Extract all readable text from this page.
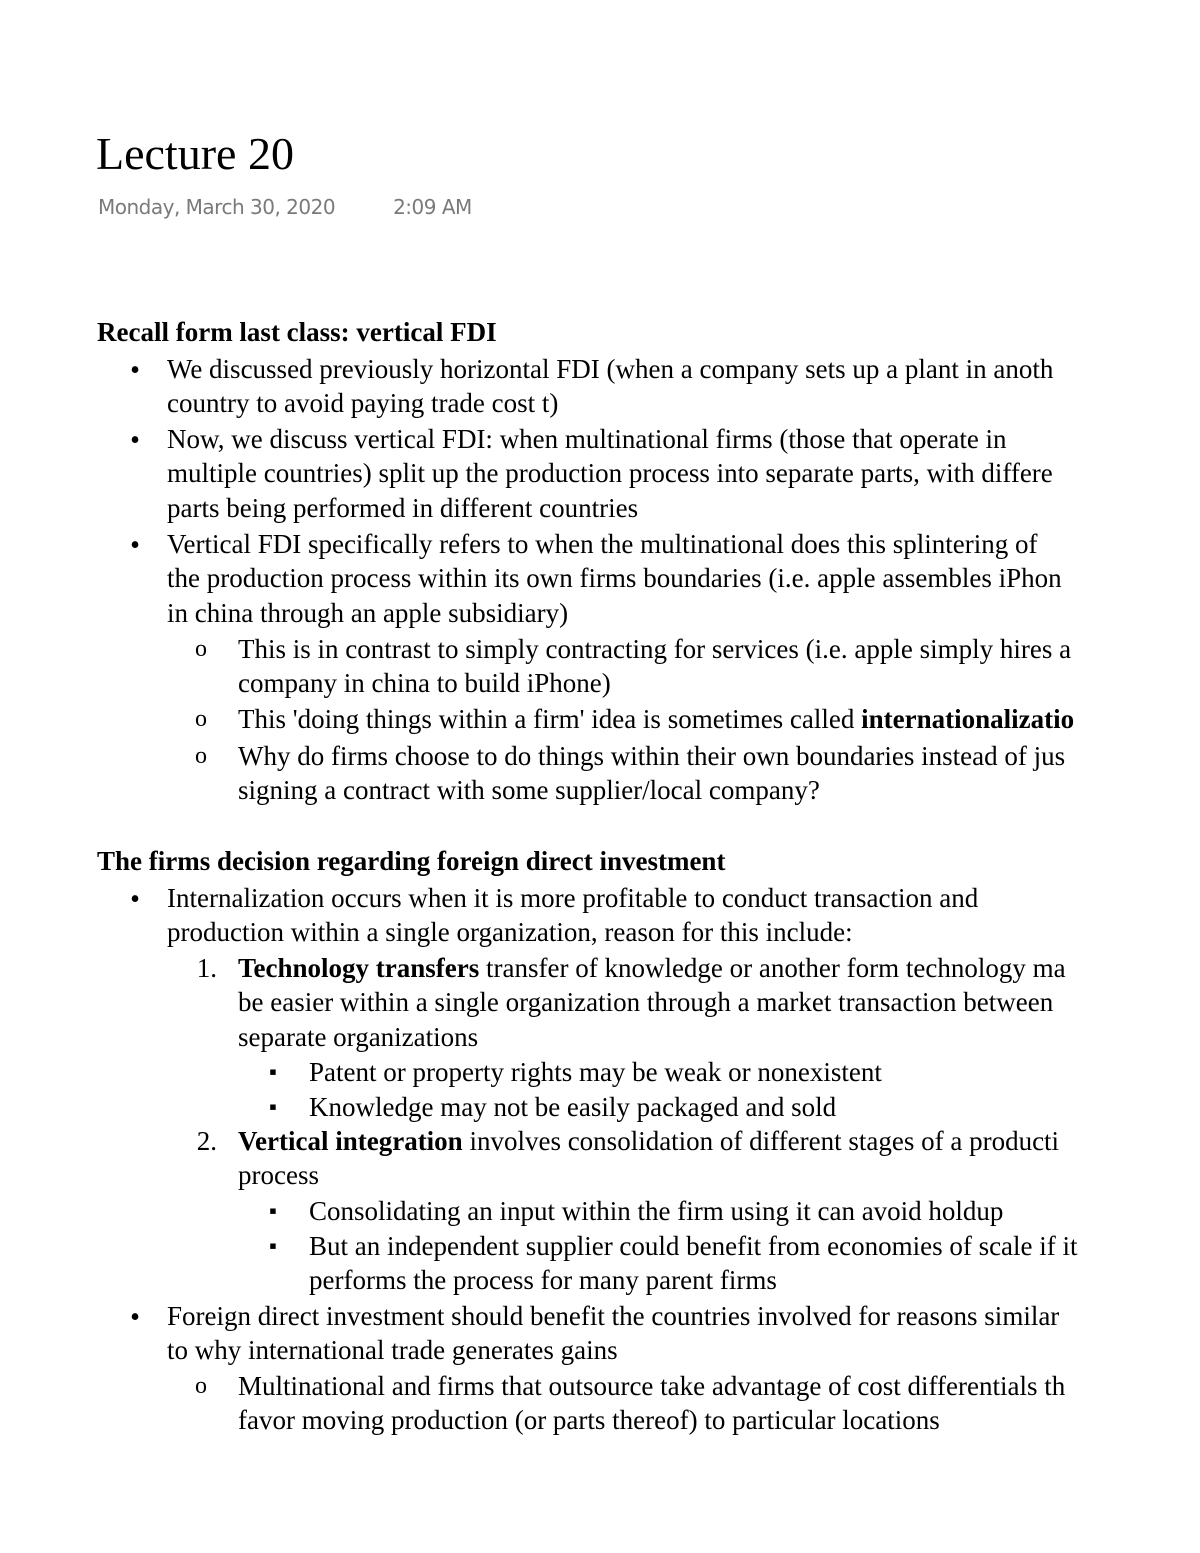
Lecture 20
Monday, March 30, 2020	2:09 AM
Recall form last class: vertical FDI
•	We discussed previously horizontal FDI (when a company sets up a plant in anoth
country to avoid paying trade cost t)
•	Now, we discuss vertical FDI: when multinational firms (those that operate in
multiple countries) split up the production process into separate parts, with differe
parts being performed in different countries
•	Vertical FDI specifically refers to when the multinational does this splintering of
the production process within its own firms boundaries (i.e. apple assembles iPhon
in china through an apple subsidiary)
o	This is in contrast to simply contracting for services (i.e. apple simply hires a
company in china to build iPhone)
o	This 'doing things within a firm' idea is sometimes called internationalizatio
o	Why do firms choose to do things within their own boundaries instead of jus
signing a contract with some supplier/local company?
The firms decision regarding foreign direct investment
•	Internalization occurs when it is more profitable to conduct transaction and
production within a single organization, reason for this include:
1. Technology transfers transfer of knowledge or another form technology ma
be easier within a single organization through a market transaction between
separate organizations
▪	Patent or property rights may be weak or nonexistent
▪	Knowledge may not be easily packaged and sold
2. Vertical integration involves consolidation of different stages of a producti
process
▪	Consolidating an input within the firm using it can avoid holdup
▪	But an independent supplier could benefit from economies of scale if it
performs the process for many parent firms
•	Foreign direct investment should benefit the countries involved for reasons similar
to why international trade generates gains
o	Multinational and firms that outsource take advantage of cost differentials th
favor moving production (or parts thereof) to particular locations
